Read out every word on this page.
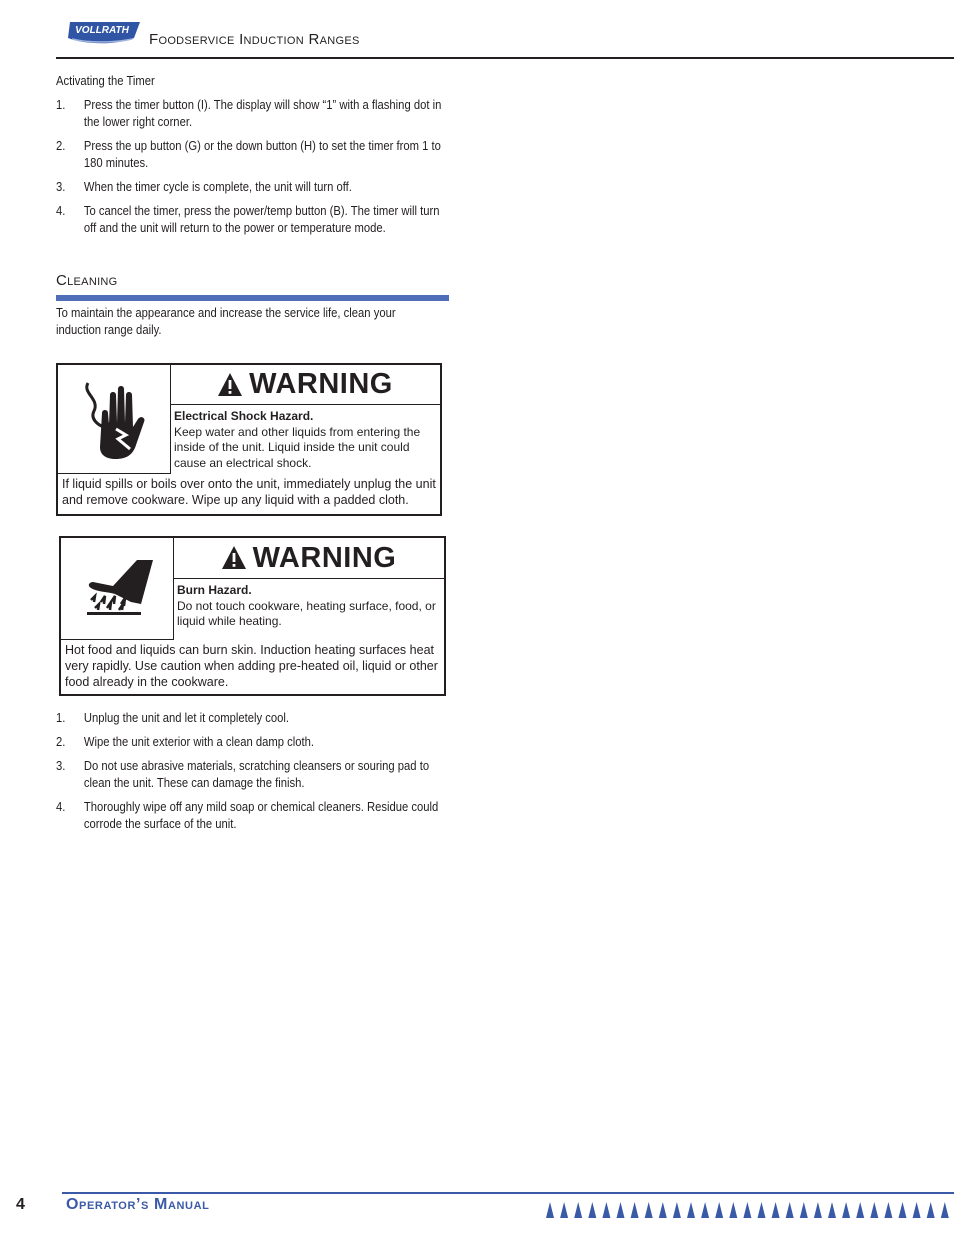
VOLLRATH
Foodservice Induction Ranges
Activating the Timer
1. Press the timer button (I). The display will show “1” with a flashing dot in the lower right corner.
2. Press the up button (G) or the down button (H) to set the timer from 1 to 180 minutes.
3. When the timer cycle is complete, the unit will turn off.
4. To cancel the timer, press the power/temp button (B). The timer will turn off and the unit will return to the power or temperature mode.
Cleaning
To maintain the appearance and increase the service life, clean your induction range daily.
WARNING
Electrical Shock Hazard.
Keep water and other liquids from entering the inside of the unit. Liquid inside the unit could cause an electrical shock.
If liquid spills or boils over onto the unit, immediately unplug the unit and remove cookware. Wipe up any liquid with a padded cloth.
WARNING
Burn Hazard.
Do not touch cookware, heating surface, food, or liquid while heating.
Hot food and liquids can burn skin. Induction heating surfaces heat very rapidly. Use caution when adding pre-heated oil, liquid or other food already in the cookware.
1. Unplug the unit and let it completely cool.
2. Wipe the unit exterior with a clean damp cloth.
3. Do not use abrasive materials, scratching cleansers or souring pad to clean the unit. These can damage the finish.
4. Thoroughly wipe off any mild soap or chemical cleaners. Residue could corrode the surface of the unit.
4	Operator’s Manual
